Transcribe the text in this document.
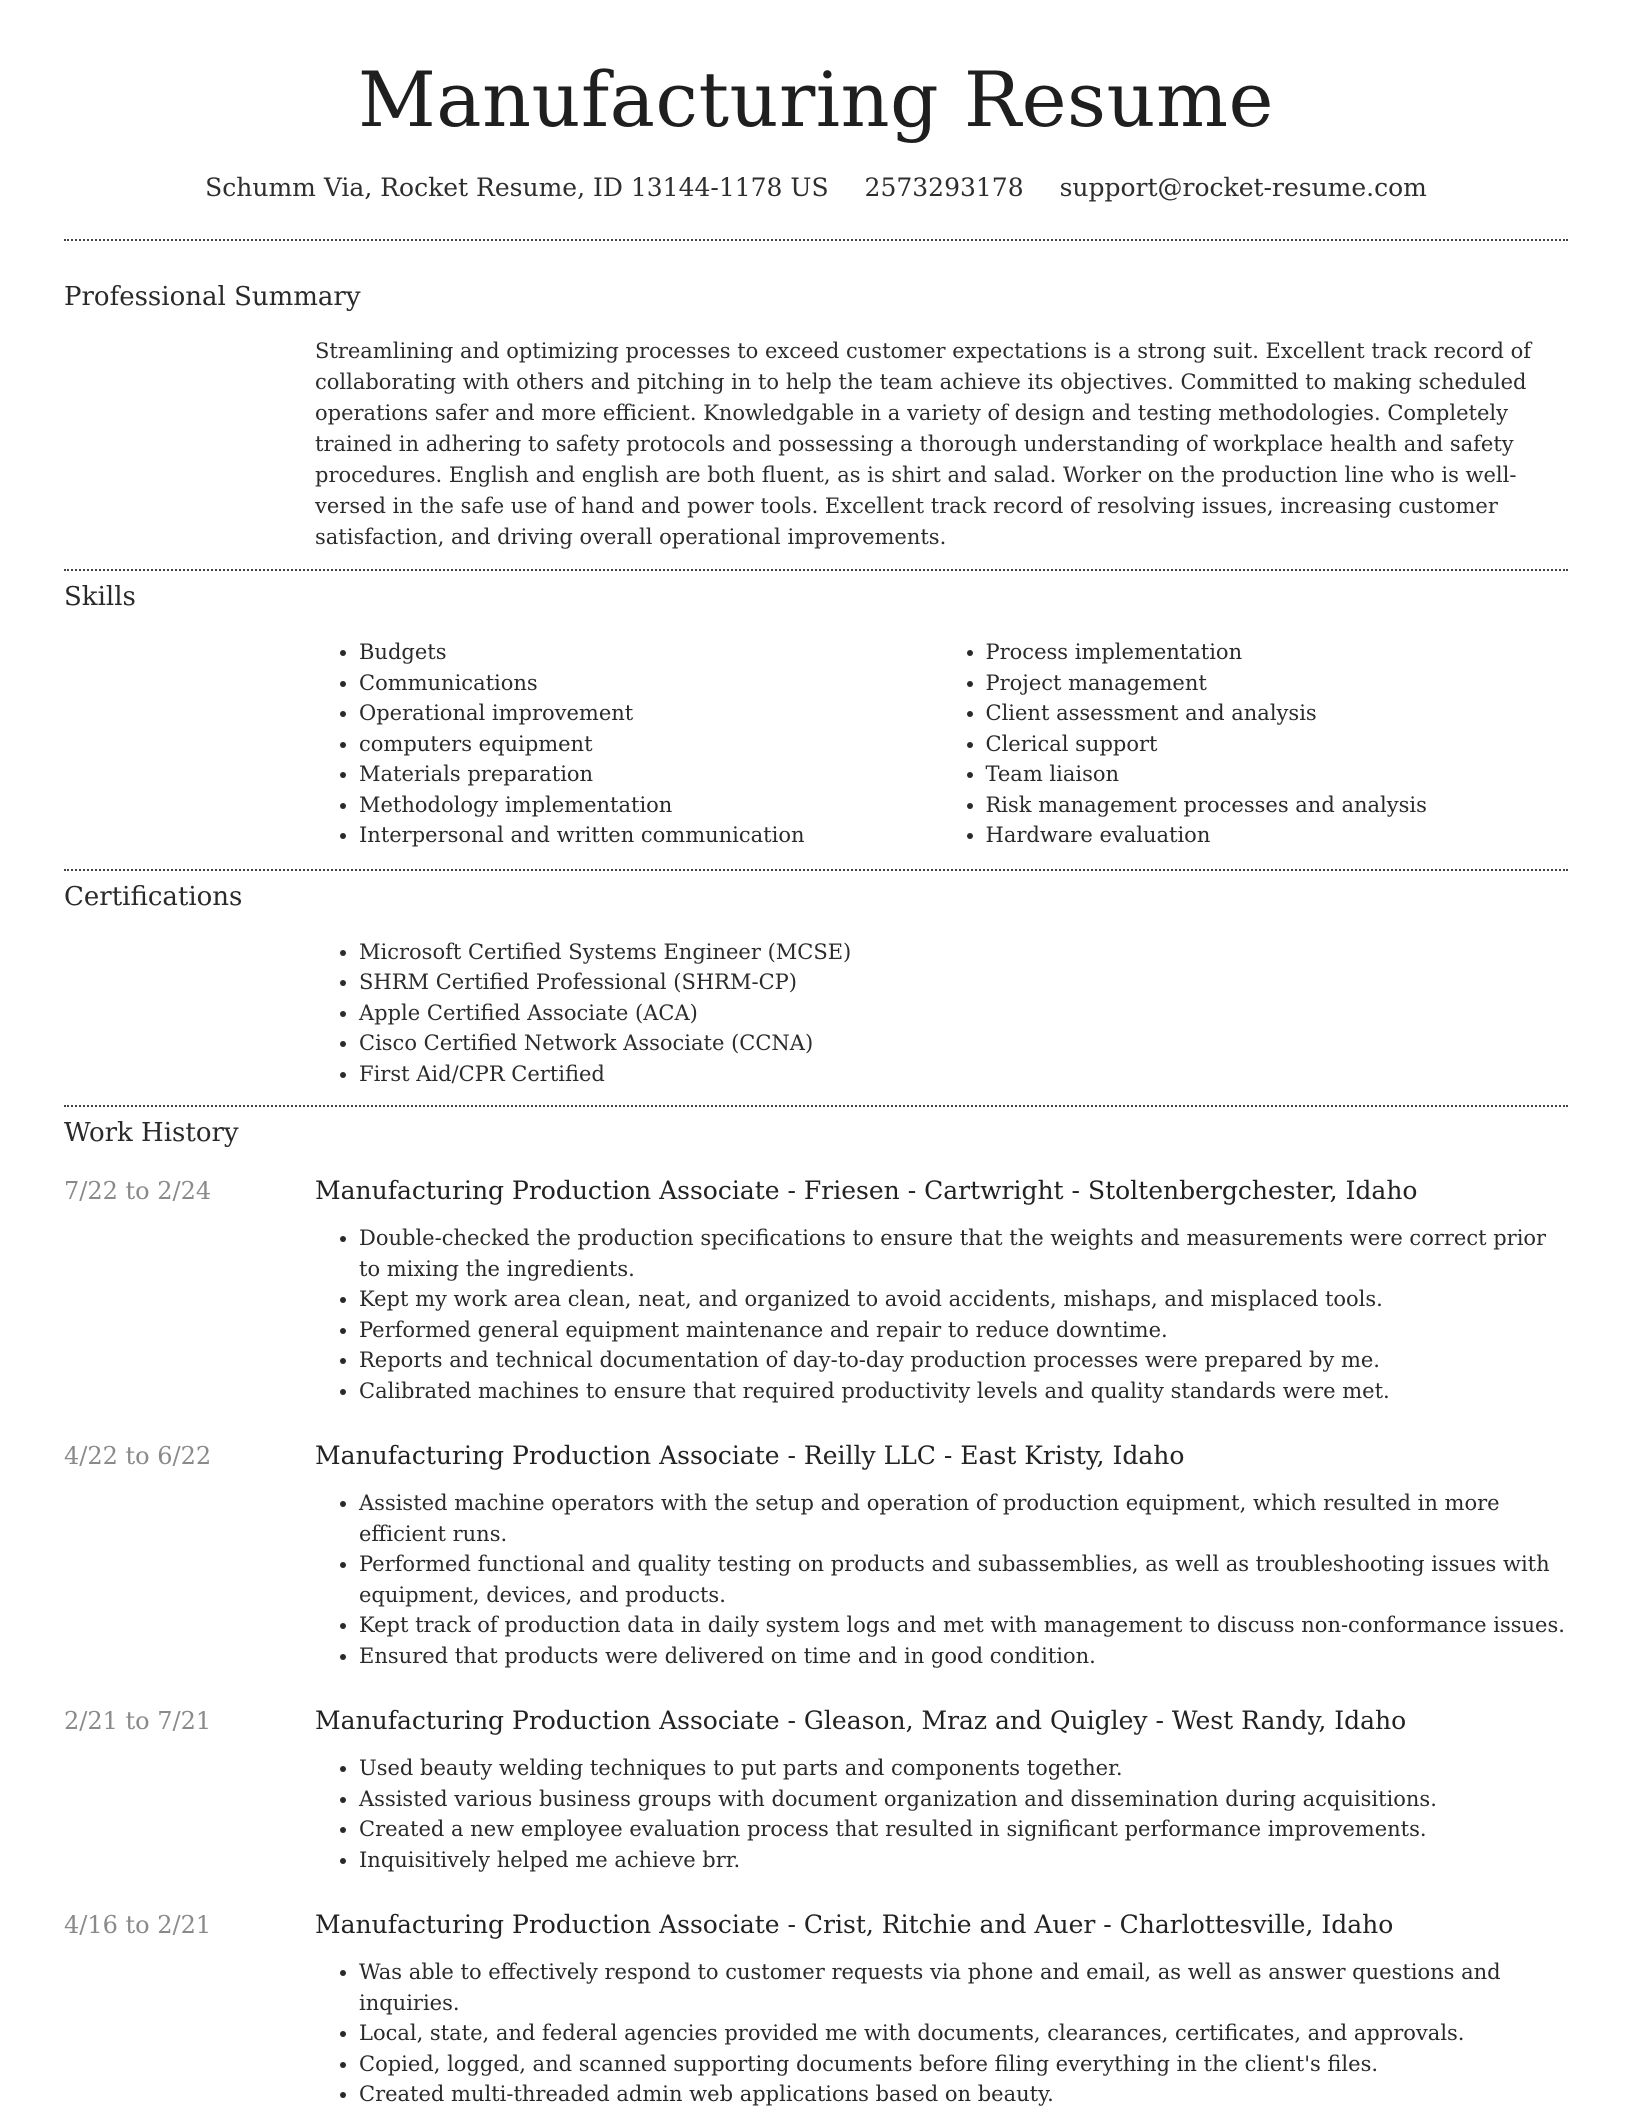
Manufacturing Resume
Schumm Via, Rocket Resume, ID 13144-1178 US 2573293178 support@rocket-resume.com
Professional Summary
Streamlining and optimizing processes to exceed customer expectations is a strong suit. Excellent track record of collaborating with others and pitching in to help the team achieve its objectives. Committed to making scheduled operations safer and more efficient. Knowledgable in a variety of design and testing methodologies. Completely trained in adhering to safety protocols and possessing a thorough understanding of workplace health and safety procedures. English and english are both fluent, as is shirt and salad. Worker on the production line who is well-versed in the safe use of hand and power tools. Excellent track record of resolving issues, increasing customer satisfaction, and driving overall operational improvements.
Skills
• Budgets
• Communications
• Operational improvement
• computers equipment
• Materials preparation
• Methodology implementation
• Interpersonal and written communication
• Process implementation
• Project management
• Client assessment and analysis
• Clerical support
• Team liaison
• Risk management processes and analysis
• Hardware evaluation
Certifications
• Microsoft Certified Systems Engineer (MCSE)
• SHRM Certified Professional (SHRM-CP)
• Apple Certified Associate (ACA)
• Cisco Certified Network Associate (CCNA)
• First Aid/CPR Certified
Work History
7/22 to 2/24	Manufacturing Production Associate - Friesen - Cartwright - Stoltenbergchester, Idaho
• Double-checked the production specifications to ensure that the weights and measurements were correct prior to mixing the ingredients.
• Kept my work area clean, neat, and organized to avoid accidents, mishaps, and misplaced tools.
• Performed general equipment maintenance and repair to reduce downtime.
• Reports and technical documentation of day-to-day production processes were prepared by me.
• Calibrated machines to ensure that required productivity levels and quality standards were met.
4/22 to 6/22	Manufacturing Production Associate - Reilly LLC - East Kristy, Idaho
• Assisted machine operators with the setup and operation of production equipment, which resulted in more efficient runs.
• Performed functional and quality testing on products and subassemblies, as well as troubleshooting issues with equipment, devices, and products.
• Kept track of production data in daily system logs and met with management to discuss non-conformance issues.
• Ensured that products were delivered on time and in good condition.
2/21 to 7/21	Manufacturing Production Associate - Gleason, Mraz and Quigley - West Randy, Idaho
• Used beauty welding techniques to put parts and components together.
• Assisted various business groups with document organization and dissemination during acquisitions.
• Created a new employee evaluation process that resulted in significant performance improvements.
• Inquisitively helped me achieve brr.
4/16 to 2/21	Manufacturing Production Associate - Crist, Ritchie and Auer - Charlottesville, Idaho
• Was able to effectively respond to customer requests via phone and email, as well as answer questions and inquiries.
• Local, state, and federal agencies provided me with documents, clearances, certificates, and approvals.
• Copied, logged, and scanned supporting documents before filing everything in the client's files.
• Created multi-threaded admin web applications based on beauty.
